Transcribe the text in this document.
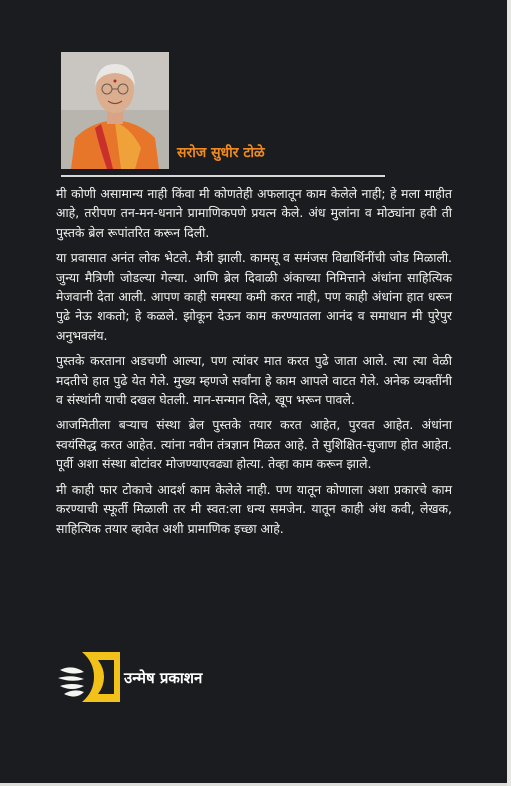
सरोज सुधीर टोळे

मी कोणी असामान्य नाही किंवा मी कोणतेही अफलातून काम केलेले नाही; हे मला माहीत आहे, तरीपण तन-मन-धनाने प्रामाणिकपणे प्रयत्न केले. अंध मुलांना व मोठ्यांना हवी ती पुस्तके ब्रेल रूपांतरित करून दिली.

या प्रवासात अनंत लोक भेटले. मैत्री झाली. कामसू व समंजस विद्यार्थिनींची जोड मिळाली. जुन्या मैत्रिणी जोडल्या गेल्या. आणि ब्रेल दिवाळी अंकाच्या निमित्ताने अंधांना साहित्यिक मेजवानी देता आली. आपण काही समस्या कमी करत नाही, पण काही अंधांना हात धरून पुढे नेऊ शकतो; हे कळले. झोकून देऊन काम करण्यातला आनंद व समाधान मी पुरेपुर अनुभवलंय.

पुस्तके करताना अडचणी आल्या, पण त्यांवर मात करत पुढे जाता आले. त्या त्या वेळी मदतीचे हात पुढे येत गेले. मुख्य म्हणजे सर्वांना हे काम आपले वाटत गेले. अनेक व्यक्तींनी व संस्थांनी याची दखल घेतली. मान-सन्मान दिले, खूप भरून पावले.

आजमितीला बऱ्याच संस्था ब्रेल पुस्तके तयार करत आहेत, पुरवत आहेत. अंधांना स्वयंसिद्ध करत आहेत. त्यांना नवीन तंत्रज्ञान मिळत आहे. ते सुशिक्षित-सुजाण होत आहेत. पूर्वी अशा संस्था बोटांवर मोजण्याएवढ्या होत्या. तेव्हा काम करून झाले.

मी काही फार टोकाचे आदर्श काम केलेले नाही. पण यातून कोणाला अशा प्रकारचे काम करण्याची स्फूर्ती मिळाली तर मी स्वत:ला धन्य समजेन. यातून काही अंध कवी, लेखक, साहित्यिक तयार व्हावेत अशी प्रामाणिक इच्छा आहे.

उन्मेष प्रकाशन
